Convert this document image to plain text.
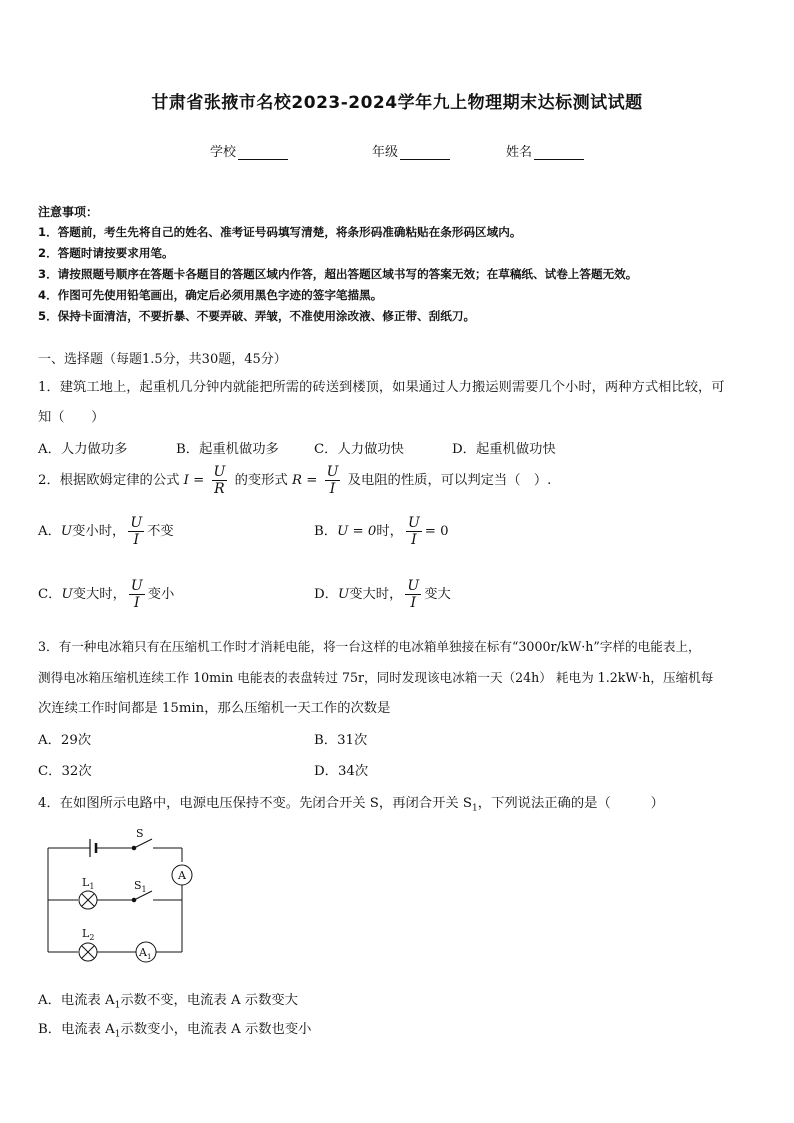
甘肃省张掖市名校2023-2024学年九上物理期末达标测试试题
学校	年级	姓名
注意事项：
1．答题前，考生先将自己的姓名、准考证号码填写清楚，将条形码准确粘贴在条形码区域内。
2．答题时请按要求用笔。
3．请按照题号顺序在答题卡各题目的答题区域内作答，超出答题区域书写的答案无效；在草稿纸、试卷上答题无效。
4．作图可先使用铅笔画出，确定后必须用黑色字迹的签字笔描黑。
5．保持卡面清洁，不要折暴、不要弄破、弄皱，不准使用涂改液、修正带、刮纸刀。
一、选择题（每题1.5分，共30题，45分）
1．建筑工地上，起重机几分钟内就能把所需的砖送到楼顶，如果通过人力搬运则需要几个小时，两种方式相比较，可
知（　　）
A．人力做功多	B．起重机做功多	C．人力做功快	D．起重机做功快
2．根据欧姆定律的公式 $I = \frac{U}{R}$ 的变形式 $R = \frac{U}{I}$ 及电阻的性质，可以判定当（　）.
A．U变小时， $\frac{U}{I}$ 不变	B．U = 0时， $\frac{U}{I} = 0$
C．U变大时， $\frac{U}{I}$ 变小	D．U变大时， $\frac{U}{I}$ 变大
3．有一种电冰箱只有在压缩机工作时才消耗电能，将一台这样的电冰箱单独接在标有“3000r/kW·h”字样的电能表上，
测得电冰箱压缩机连续工作 10min 电能表的表盘转过 75r，同时发现该电冰箱一天（24h） 耗电为 1.2kW·h，压缩机每
次连续工作时间都是 15min，那么压缩机一天工作的次数是
A．29次	B．31次
C．32次	D．34次
4．在如图所示电路中，电源电压保持不变。先闭合开关 S，再闭合开关 $S_1$，下列说法正确的是（　　　）
S
$S_1$
$L_1$
$L_2$
A
$A_1$
A．电流表 $A_1$示数不变，电流表 A 示数变大
B．电流表 $A_1$示数变小，电流表 A 示数也变小
